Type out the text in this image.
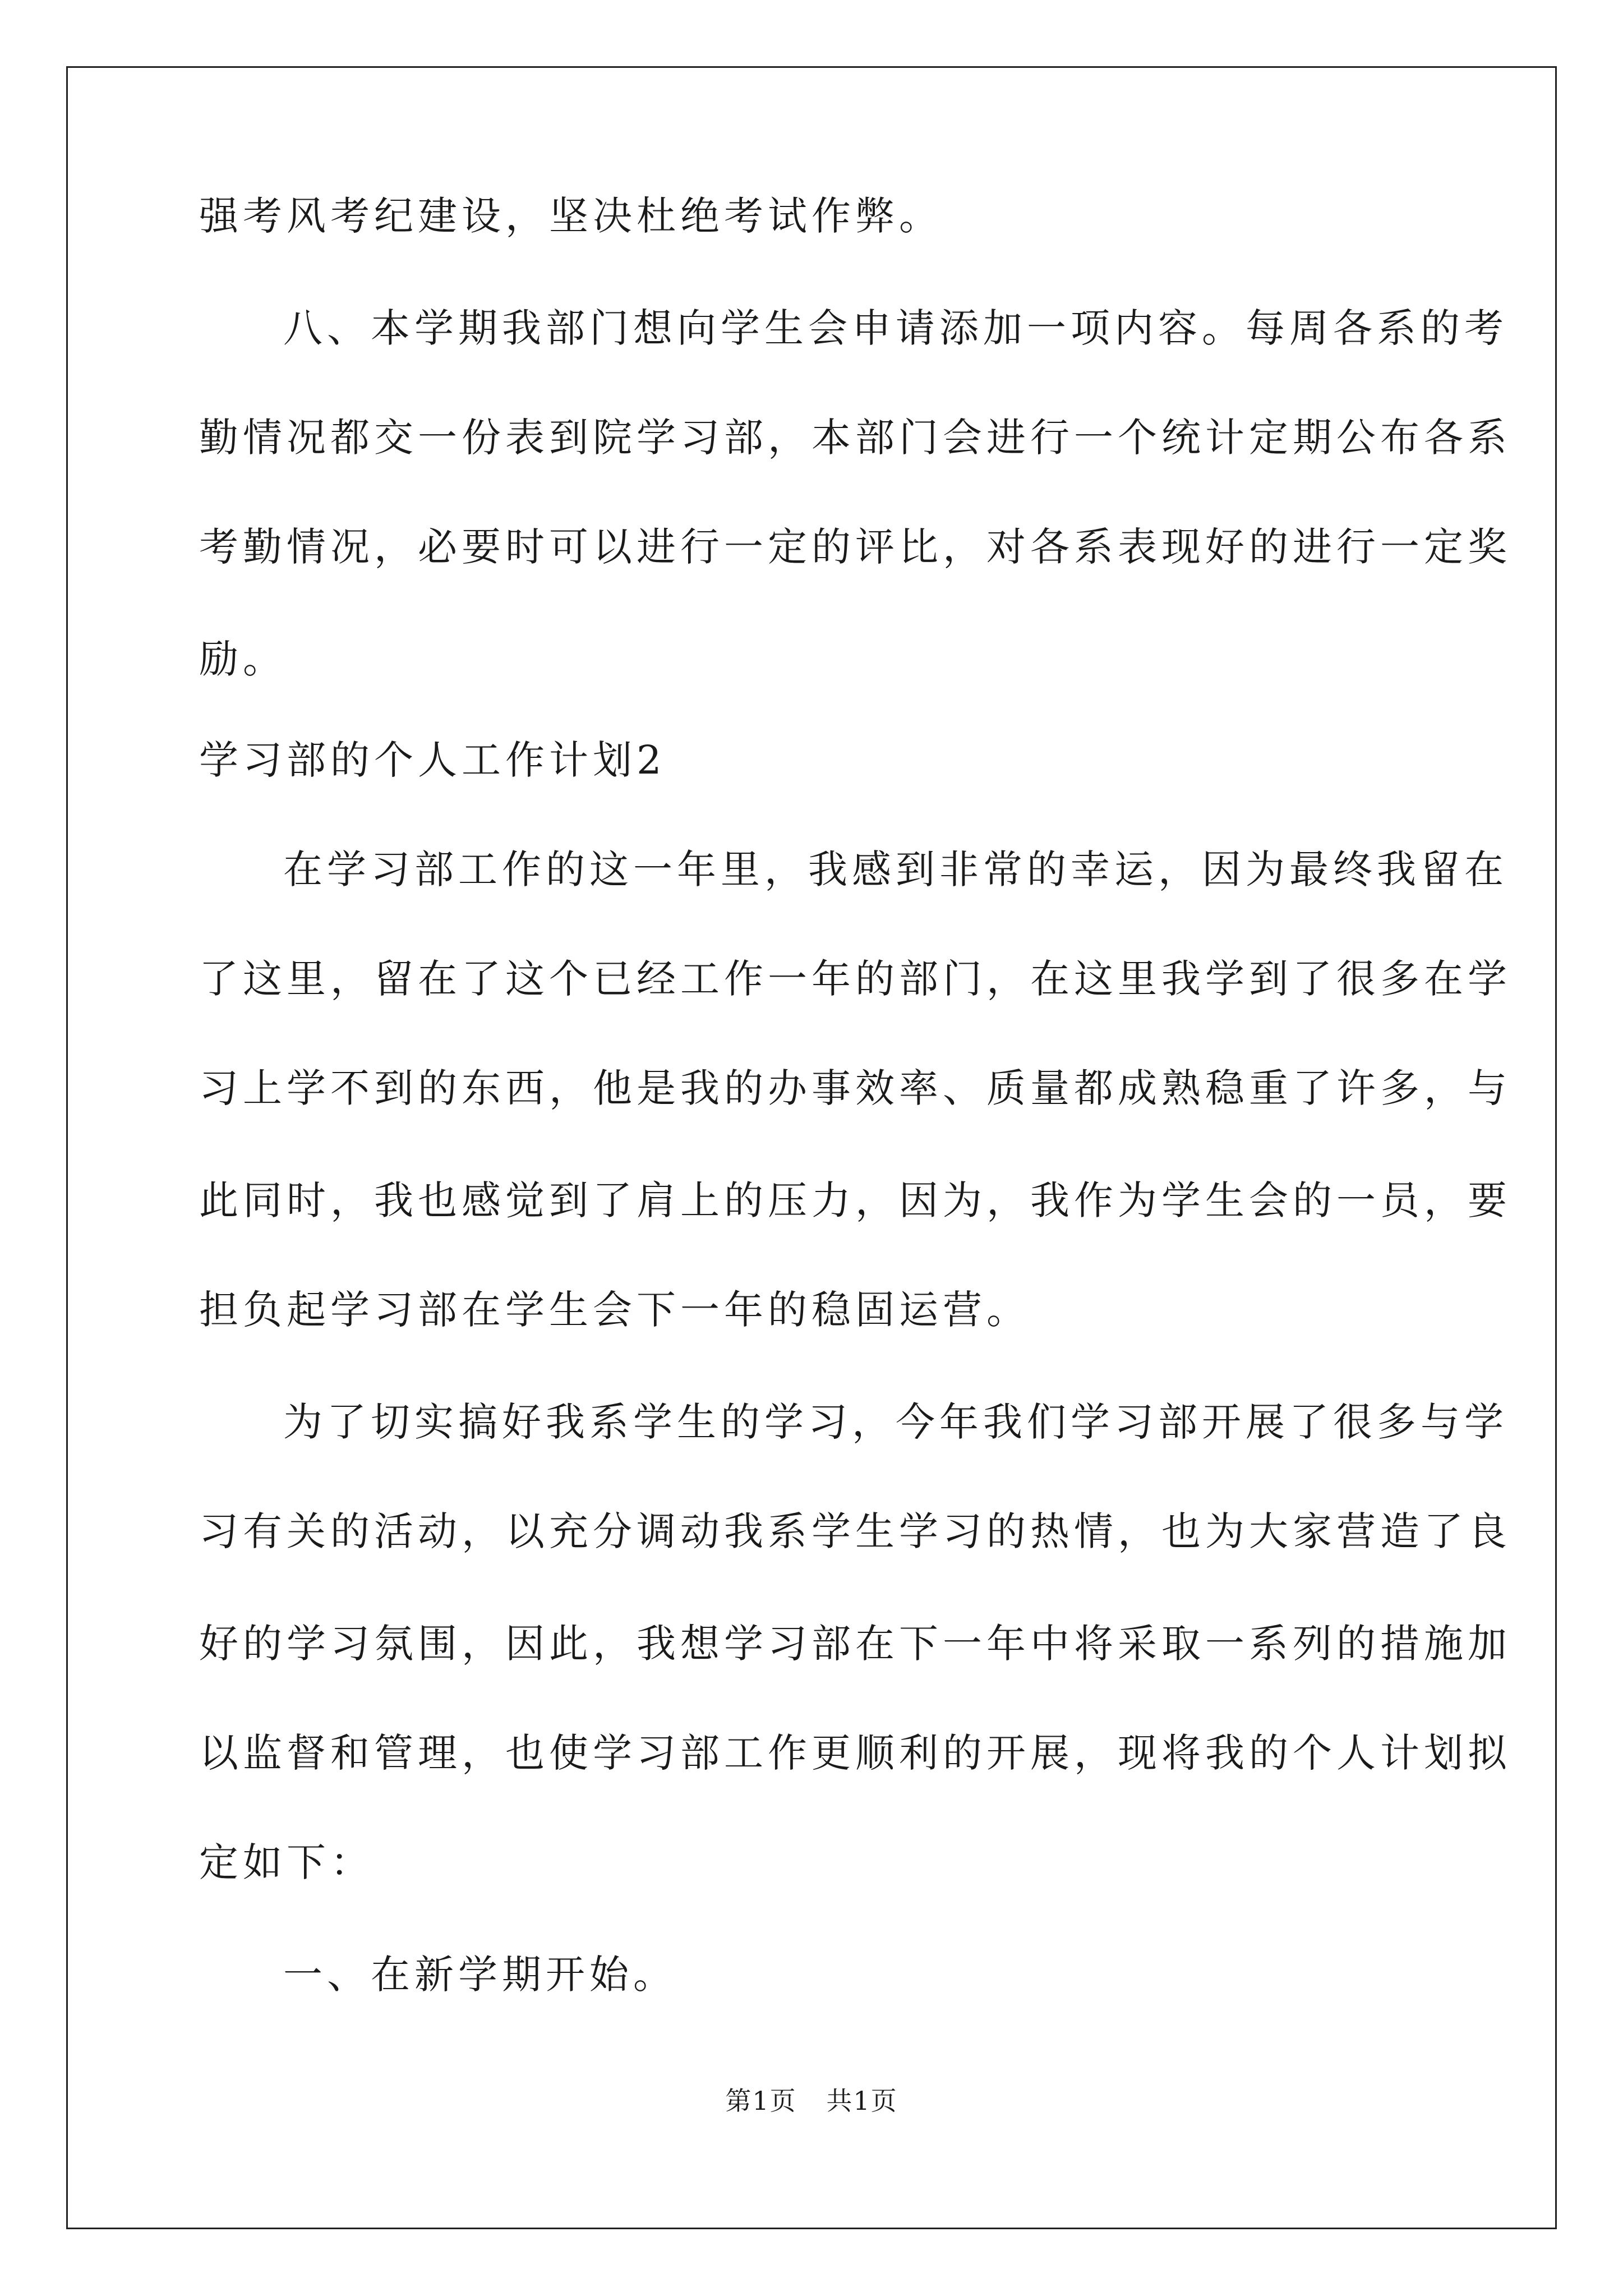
强考风考纪建设，坚决杜绝考试作弊。

八、本学期我部门想向学生会申请添加一项内容。每周各系的考

勤情况都交一份表到院学习部，本部门会进行一个统计定期公布各系

考勤情况，必要时可以进行一定的评比，对各系表现好的进行一定奖

励。

学习部的个人工作计划2

在学习部工作的这一年里，我感到非常的幸运，因为最终我留在

了这里，留在了这个已经工作一年的部门，在这里我学到了很多在学

习上学不到的东西，他是我的办事效率、质量都成熟稳重了许多，与

此同时，我也感觉到了肩上的压力，因为，我作为学生会的一员，要

担负起学习部在学生会下一年的稳固运营。

为了切实搞好我系学生的学习，今年我们学习部开展了很多与学

习有关的活动，以充分调动我系学生学习的热情，也为大家营造了良

好的学习氛围，因此，我想学习部在下一年中将采取一系列的措施加

以监督和管理，也使学习部工作更顺利的开展，现将我的个人计划拟

定如下：

一、在新学期开始。

第1页 共1页
